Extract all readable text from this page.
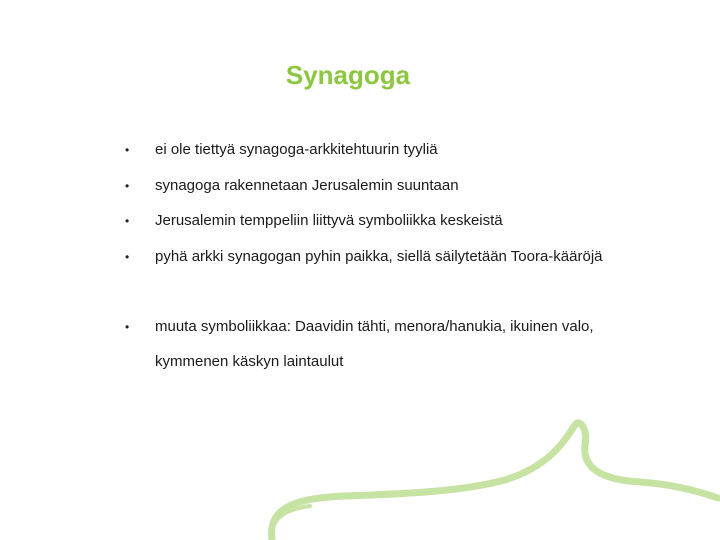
Synagoga
• ei ole tiettyä synagoga-arkkitehtuurin tyyliä
• synagoga rakennetaan Jerusalemin suuntaan
• Jerusalemin temppeliin liittyvä symboliikka keskeistä
• pyhä arkki synagogan pyhin paikka, siellä säilytetään Toora-kääröjä
• muuta symboliikkaa: Daavidin tähti, menora/hanukia, ikuinen valo, kymmenen käskyn laintaulut
